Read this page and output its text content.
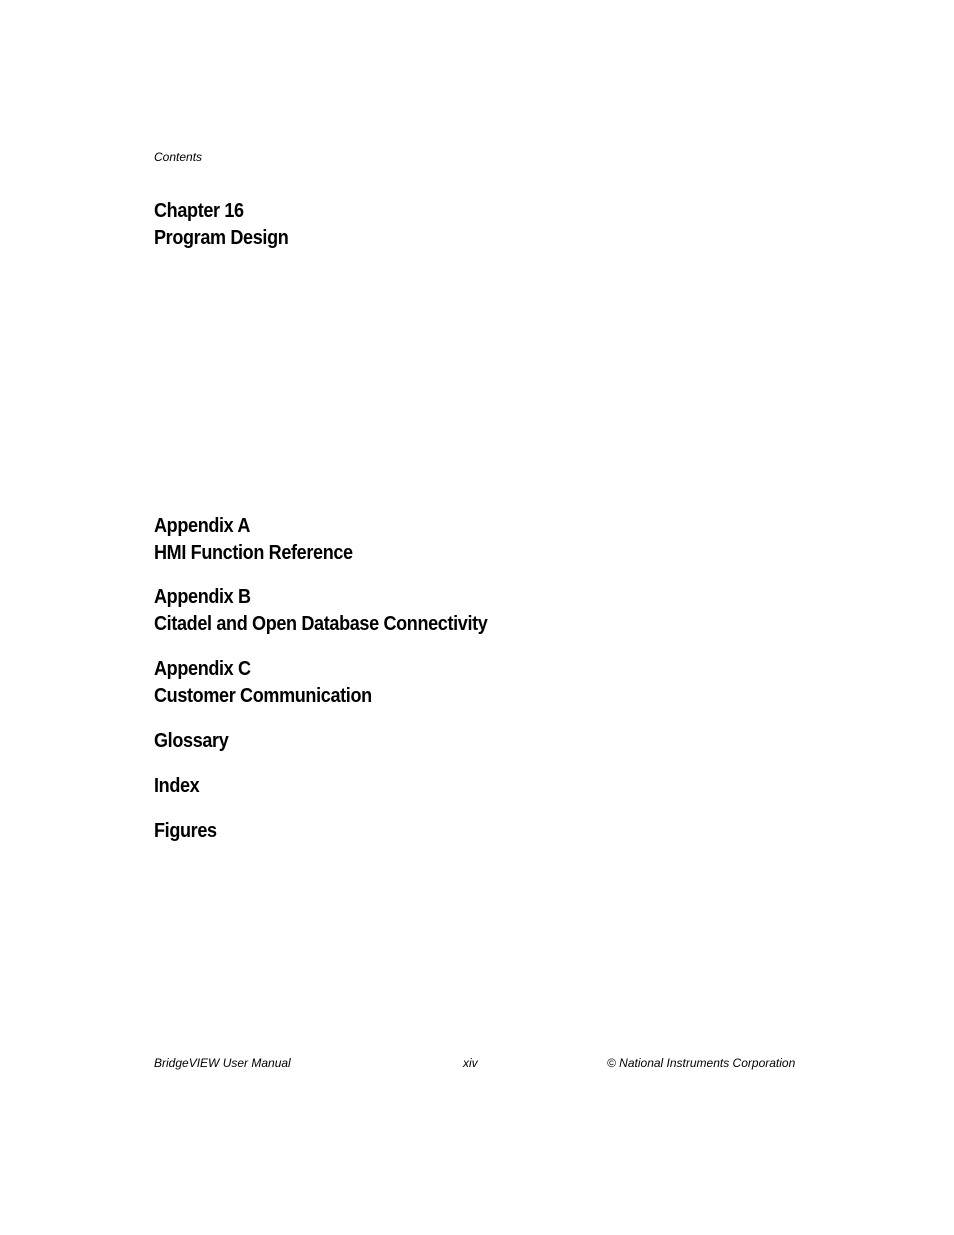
Contents
Chapter 16
Program Design
Appendix A
HMI Function Reference
Appendix B
Citadel and Open Database Connectivity
Appendix C
Customer Communication
Glossary
Index
Figures
BridgeVIEW User Manual	xiv	© National Instruments Corporation
